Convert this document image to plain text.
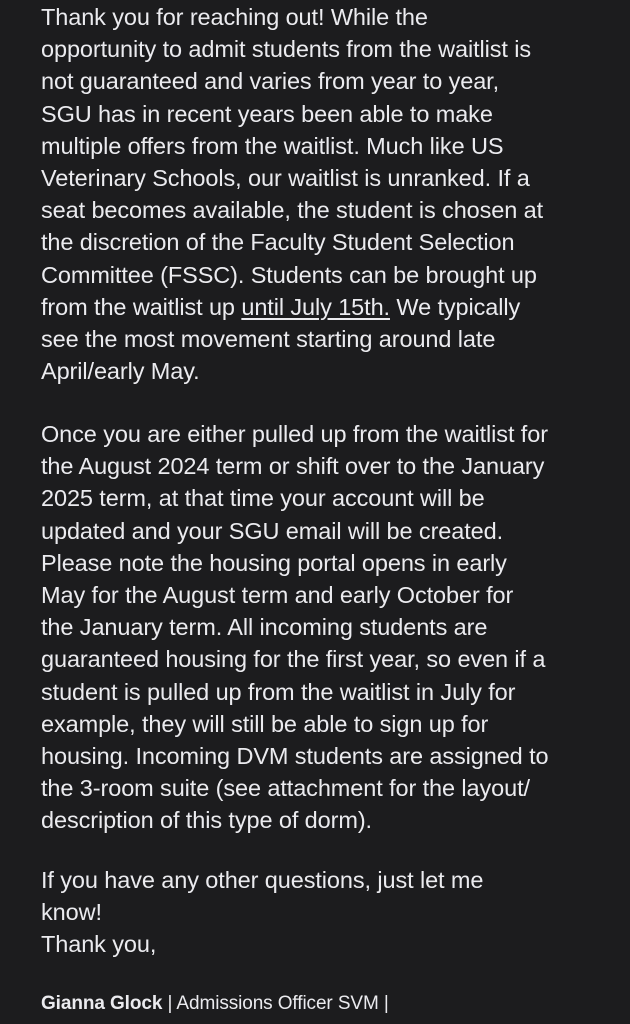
Thank you for reaching out! While the
opportunity to admit students from the waitlist is
not guaranteed and varies from year to year,
SGU has in recent years been able to make
multiple offers from the waitlist. Much like US
Veterinary Schools, our waitlist is unranked. If a
seat becomes available, the student is chosen at
the discretion of the Faculty Student Selection
Committee (FSSC). Students can be brought up
from the waitlist up until July 15th. We typically
see the most movement starting around late
April/early May.
Once you are either pulled up from the waitlist for
the August 2024 term or shift over to the January
2025 term, at that time your account will be
updated and your SGU email will be created.
Please note the housing portal opens in early
May for the August term and early October for
the January term. All incoming students are
guaranteed housing for the first year, so even if a
student is pulled up from the waitlist in July for
example, they will still be able to sign up for
housing. Incoming DVM students are assigned to
the 3-room suite (see attachment for the layout/
description of this type of dorm).
If you have any other questions, just let me
know!
Thank you,
Gianna Glock | Admissions Officer SVM |
